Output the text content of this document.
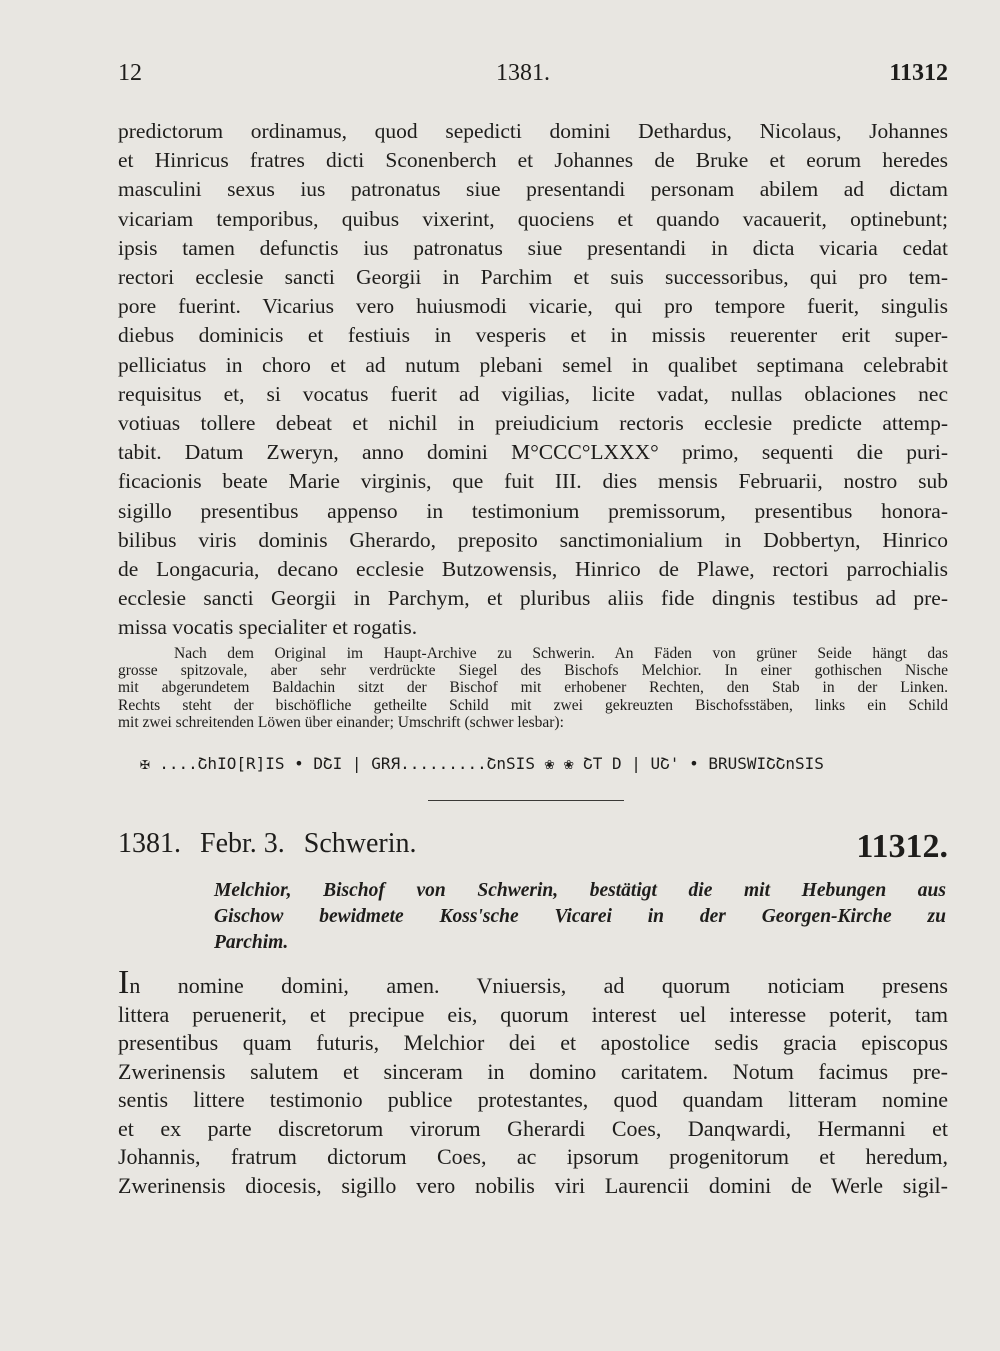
12	1381.	11312
predictorum ordinamus, quod sepedicti domini Dethardus, Nicolaus, Johannes
et Hinricus fratres dicti Sconenberch et Johannes de Bruke et eorum heredes
masculini sexus ius patronatus siue presentandi personam abilem ad dictam
vicariam temporibus, quibus vixerint, quociens et quando vacauerit, optinebunt;
ipsis tamen defunctis ius patronatus siue presentandi in dicta vicaria cedat
rectori ecclesie sancti Georgii in Parchim et suis successoribus, qui pro tem-
pore fuerint. Vicarius vero huiusmodi vicarie, qui pro tempore fuerit, singulis
diebus dominicis et festiuis in vesperis et in missis reuerenter erit super-
pelliciatus in choro et ad nutum plebani semel in qualibet septimana celebrabit
requisitus et, si vocatus fuerit ad vigilias, licite vadat, nullas oblaciones nec
votiuas tollere debeat et nichil in preiudicium rectoris ecclesie predicte attemp-
tabit. Datum Zweryn, anno domini M°CCC°LXXX° primo, sequenti die puri-
ficacionis beate Marie virginis, que fuit III. dies mensis Februarii, nostro sub
sigillo presentibus appenso in testimonium premissorum, presentibus honora-
bilibus viris dominis Gherardo, preposito sanctimonialium in Dobbertyn, Hinrico
de Longacuria, decano ecclesie Butzowensis, Hinrico de Plawe, rectori parrochialis
ecclesie sancti Georgii in Parchym, et pluribus aliis fide dingnis testibus ad pre-
missa vocatis specialiter et rogatis.
Nach dem Original im Haupt-Archive zu Schwerin. An Fäden von grüner Seide hängt das
grosse spitzovale, aber sehr verdrückte Siegel des Bischofs Melchior. In einer gothischen Nische
mit abgerundetem Baldachin sitzt der Bischof mit erhobener Rechten, den Stab in der Linken.
Rechts steht der bischöfliche getheilte Schild mit zwei gekreuzten Bischofsstäben, links ein Schild
mit zwei schreitenden Löwen über einander; Umschrift (schwer lesbar):
✠ ....ՇhIO[R]IS • DՇI | GRЯ.........ՇnSIS ❀ ❀ ՇT D | UՇ' • BRUSWIՇՇnSIS
1381. Febr. 3. Schwerin.	11312.
Melchior, Bischof von Schwerin, bestätigt die mit Hebungen aus
Gischow bewidmete Koss'sche Vicarei in der Georgen-Kirche zu
Parchim.
In nomine domini, amen. Vniuersis, ad quorum noticiam presens
littera peruenerit, et precipue eis, quorum interest uel interesse poterit, tam
presentibus quam futuris, Melchior dei et apostolice sedis gracia episcopus
Zwerinensis salutem et sinceram in domino caritatem. Notum facimus pre-
sentis littere testimonio publice protestantes, quod quandam litteram nomine
et ex parte discretorum virorum Gherardi Coes, Danqwardi, Hermanni et
Johannis, fratrum dictorum Coes, ac ipsorum progenitorum et heredum,
Zwerinensis diocesis, sigillo vero nobilis viri Laurencii domini de Werle sigil-
